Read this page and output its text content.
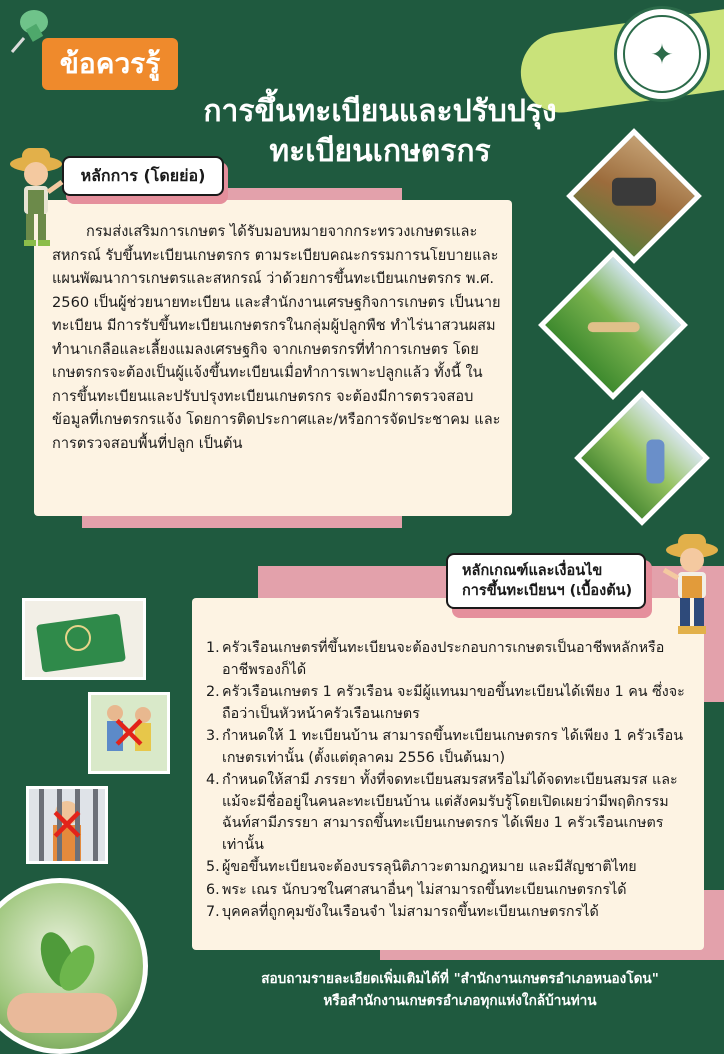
ข้อควรรู้	✦
การขึ้นทะเบียนและปรับปรุง
ทะเบียนเกษตรกร
กรมส่งเสริมการเกษตร ได้รับมอบหมายจากกระทรวงเกษตรและสหกรณ์ รับขึ้นทะเบียนเกษตรกร ตามระเบียบคณะกรรมการนโยบายและแผนพัฒนาการเกษตรและสหกรณ์ ว่าด้วยการขึ้นทะเบียนเกษตรกร พ.ศ. 2560 เป็นผู้ช่วยนายทะเบียน และสำนักงานเศรษฐกิจการเกษตร เป็นนายทะเบียน มีการรับขึ้นทะเบียนเกษตรกรในกลุ่มผู้ปลูกพืช ทำไร่นาสวนผสม ทำนาเกลือและเลี้ยงแมลงเศรษฐกิจ จากเกษตรกรที่ทำการเกษตร โดยเกษตรกรจะต้องเป็นผู้แจ้งขึ้นทะเบียนเมื่อทำการเพาะปลูกแล้ว ทั้งนี้ ในการขึ้นทะเบียนและปรับปรุงทะเบียนเกษตรกร จะต้องมีการตรวจสอบข้อมูลที่เกษตรกรแจ้ง โดยการติดประกาศและ/หรือการจัดประชาคม และการตรวจสอบพื้นที่ปลูก เป็นต้น
หลักการ (โดยย่อ)
หลักเกณฑ์และเงื่อนไข
การขึ้นทะเบียนฯ (เบื้องต้น)
1. ครัวเรือนเกษตรที่ขึ้นทะเบียนจะต้องประกอบการเกษตรเป็นอาชีพหลักหรืออาชีพรองก็ได้
2. ครัวเรือนเกษตร 1 ครัวเรือน จะมีผู้แทนมาขอขึ้นทะเบียนได้เพียง 1 คน ซึ่งจะถือว่าเป็นหัวหน้าครัวเรือนเกษตร
3. กำหนดให้ 1 ทะเบียนบ้าน สามารถขึ้นทะเบียนเกษตรกร ได้เพียง 1 ครัวเรือนเกษตรเท่านั้น (ตั้งแต่ตุลาคม 2556 เป็นต้นมา)
4. กำหนดให้สามี ภรรยา ทั้งที่จดทะเบียนสมรสหรือไม่ได้จดทะเบียนสมรส และแม้จะมีชื่ออยู่ในคนละทะเบียนบ้าน แต่สังคมรับรู้โดยเปิดเผยว่ามีพฤติกรรมฉันท์สามีภรรยา สามารถขึ้นทะเบียนเกษตรกร ได้เพียง 1 ครัวเรือนเกษตรเท่านั้น
5. ผู้ขอขึ้นทะเบียนจะต้องบรรลุนิติภาวะตามกฎหมาย และมีสัญชาติไทย
6. พระ เณร นักบวชในศาสนาอื่นๆ ไม่สามารถขึ้นทะเบียนเกษตรกรได้
7. บุคคลที่ถูกคุมขังในเรือนจำ ไม่สามารถขึ้นทะเบียนเกษตรกรได้
✕
✕
สอบถามรายละเอียดเพิ่มเติมได้ที่ "สำนักงานเกษตรอำเภอหนองโดน"
หรือสำนักงานเกษตรอำเภอทุกแห่งใกล้บ้านท่าน
